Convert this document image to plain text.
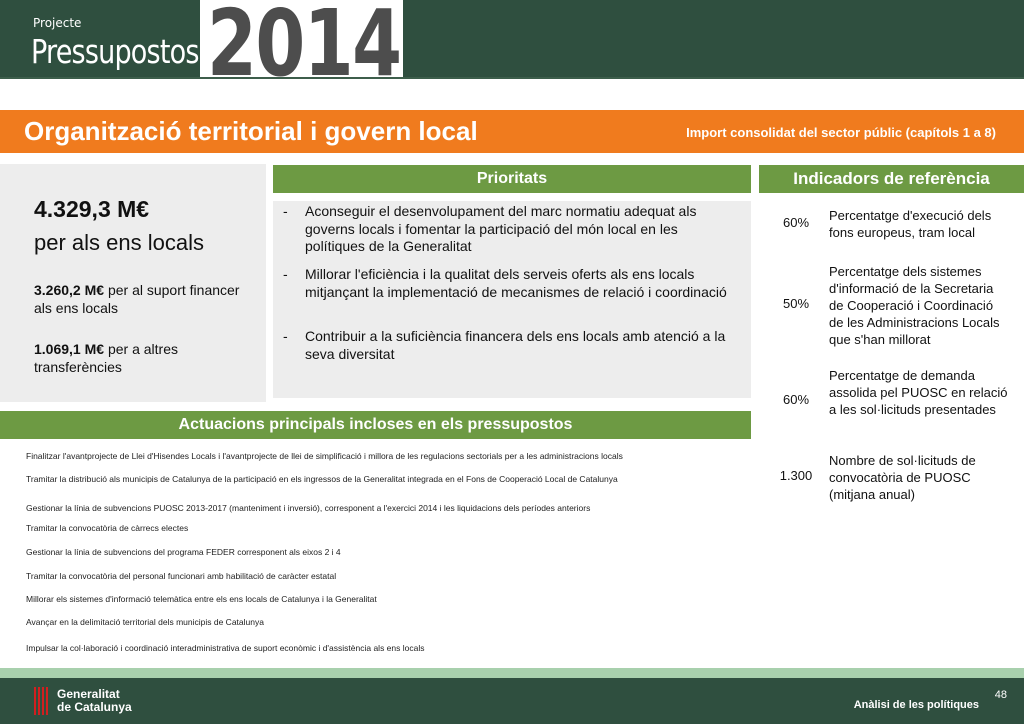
Projecte
Pressupostos 2014
Organització territorial i govern local	Import consolidat del sector públic (capítols 1 a 8)
4.329,3 M€
per als ens locals
3.260,2 M€ per al suport financer als ens locals
1.069,1 M€ per a altres transferències
Prioritats
- Aconseguir el desenvolupament del marc normatiu adequat als governs locals i fomentar la participació del món local en les polítiques de la Generalitat
- Millorar l'eficiència i la qualitat dels serveis oferts als ens locals mitjançant la implementació de mecanismes de relació i coordinació
- Contribuir a la suficiència financera dels ens locals amb atenció a la seva diversitat
Actuacions principals incloses en els pressupostos
Finalitzar l'avantprojecte de Llei d'Hisendes Locals i l'avantprojecte de llei de simplificació i millora de les regulacions sectorials per a les administracions locals
Tramitar la distribució als municipis de Catalunya de la participació en els ingressos de la Generalitat integrada en el Fons de Cooperació Local de Catalunya
Gestionar la línia de subvencions PUOSC 2013-2017 (manteniment i inversió), corresponent a l'exercici 2014 i les liquidacions dels períodes anteriors
Tramitar la convocatòria de càrrecs electes
Gestionar la línia de subvencions del programa FEDER corresponent als eixos 2 i 4
Tramitar la convocatòria del personal funcionari amb habilitació de caràcter estatal
Millorar els sistemes d'informació telemàtica entre els ens locals de Catalunya i la Generalitat
Avançar en la delimitació territorial dels municipis de Catalunya
Impulsar la col·laboració i coordinació interadministrativa de suport econòmic i d'assistència als ens locals
Indicadors de referència
60%	Percentatge d'execució dels fons europeus, tram local
50%
Percentatge dels sistemes d'informació de la Secretaria de Cooperació i Coordinació de les Administracions Locals que s'han millorat
60%
Percentatge de demanda assolida pel PUOSC en relació a les sol·licituds presentades
1.300
Nombre de sol·licituds de convocatòria de PUOSC (mitjana anual)
Generalitat
de Catalunya
48
Anàlisi de les polítiques
